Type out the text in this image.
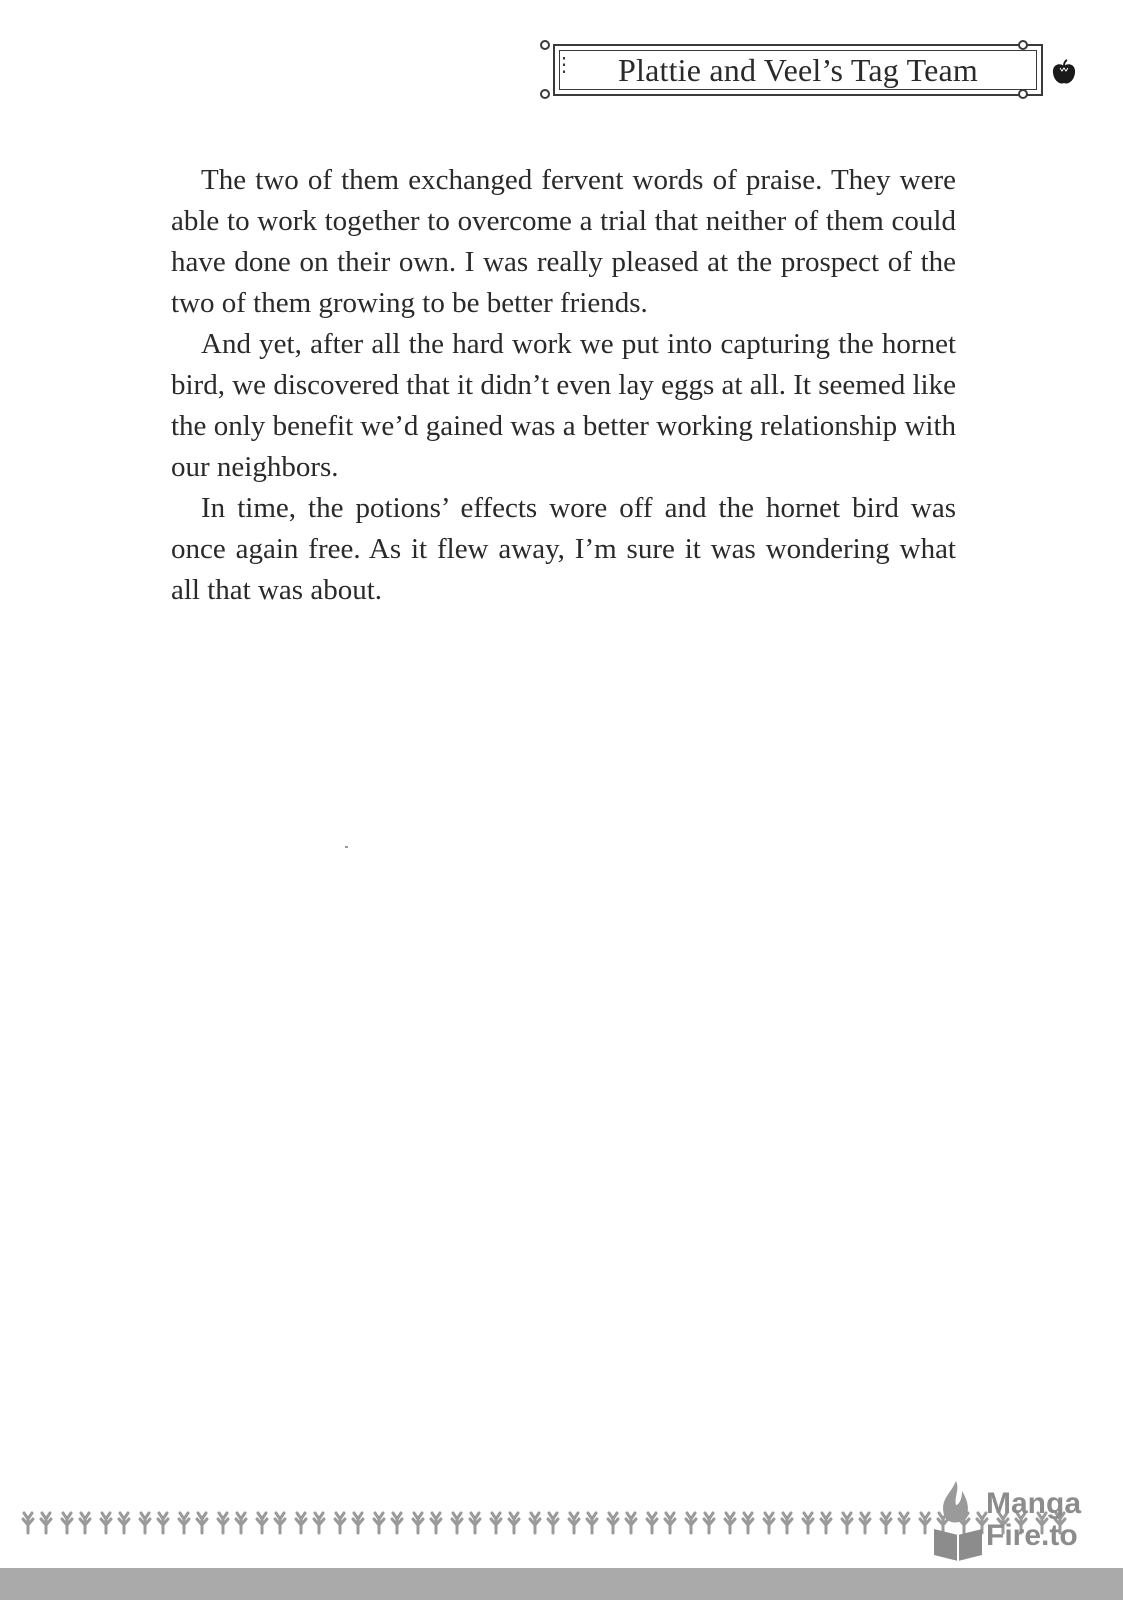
Plattie and Veel’s Tag Team
⋮

The two of them exchanged fervent words of praise. They were able to work together to overcome a trial that neither of them could have done on their own. I was really pleased at the prospect of the two of them growing to be better friends.

And yet, after all the hard work we put into capturing the hornet bird, we discovered that it didn’t even lay eggs at all. It seemed like the only benefit we’d gained was a better working relationship with our neighbors.

In time, the potions’ effects wore off and the hornet bird was once again free. As it flew away, I’m sure it was wondering what all that was about.

Manga
Fire.to
